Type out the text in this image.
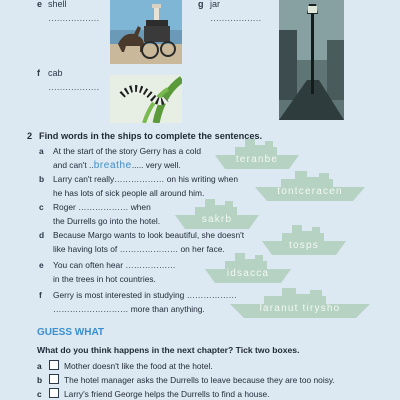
e shell
………………
g jar
………………
f cab
………………
2 Find words in the ships to complete the sentences.
teranbe
tontceracen
sakrb
tosps
idsacca
laranut tirysho
a At the start of the story Gerry has a cold
and can't ..breathe..... very well.
b Larry can't really……………… on his writing when
he has lots of sick people all around him.
c Roger ……………… when
the Durrells go into the hotel.
d Because Margo wants to look beautiful, she doesn't
like having lots of ………………… on her face.
e You can often hear ………………
in the trees in hot countries.
f Gerry is most interested in studying ………………
……………………… more than anything.
GUESS WHAT
What do you think happens in the next chapter? Tick two boxes.
a	Mother doesn't like the food at the hotel.
b	The hotel manager asks the Durrells to leave because they are too noisy.
c	Larry's friend George helps the Durrells to find a house.
